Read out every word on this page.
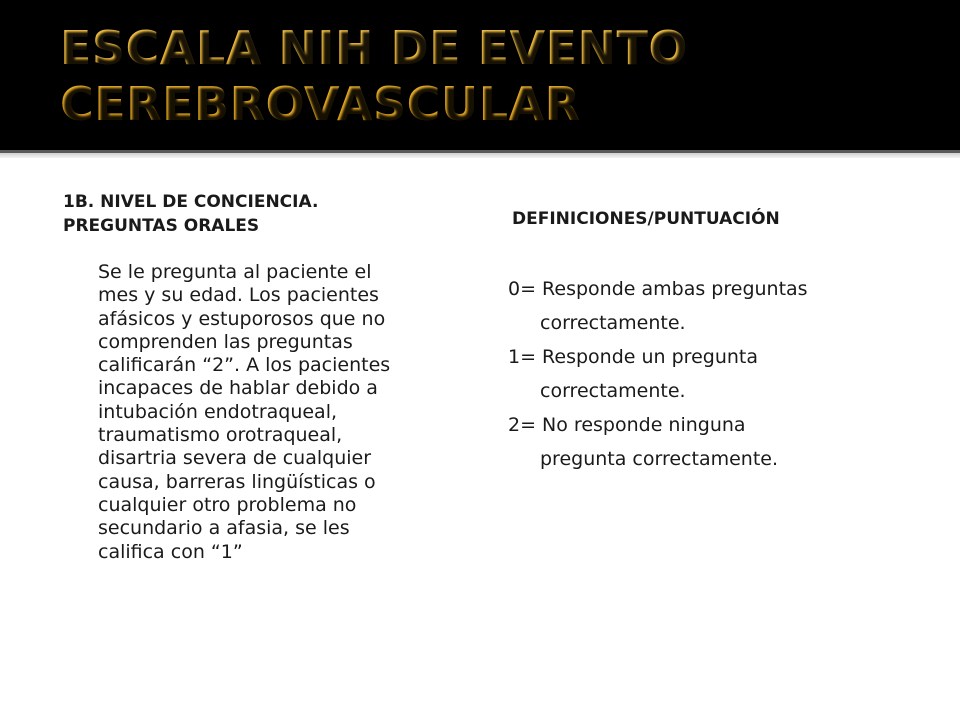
ESCALA NIH DE EVENTO
CEREBROVASCULAR
1B. NIVEL DE CONCIENCIA.
PREGUNTAS ORALES	DEFINICIONES/PUNTUACIÓN
Se le pregunta al paciente el
mes y su edad. Los pacientes
afásicos y estuporosos que no
comprenden las preguntas
calificarán “2”. A los pacientes
incapaces de hablar debido a
intubación endotraqueal,
traumatismo orotraqueal,
disartria severa de cualquier
causa, barreras lingüísticas o
cualquier otro problema no
secundario a afasia, se les
califica con “1”
0= Responde ambas preguntas
correctamente.
1= Responde un pregunta
correctamente.
2= No responde ninguna
pregunta correctamente.
